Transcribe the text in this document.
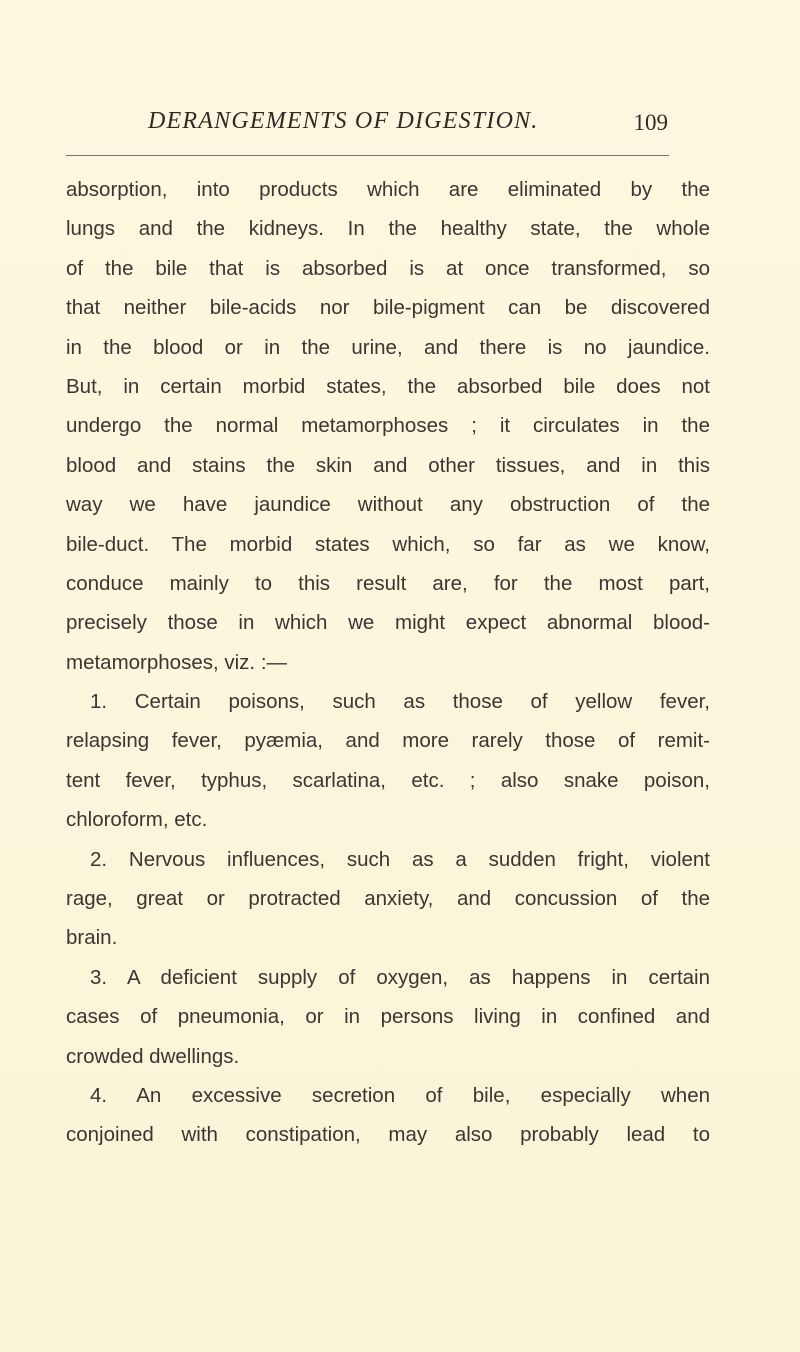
DERANGEMENTS OF DIGESTION.	109
absorption, into products which are eliminated by the
lungs and the kidneys. In the healthy state, the whole
of the bile that is absorbed is at once transformed, so
that neither bile-acids nor bile-pigment can be discovered
in the blood or in the urine, and there is no jaundice.
But, in certain morbid states, the absorbed bile does not
undergo the normal metamorphoses ; it circulates in the
blood and stains the skin and other tissues, and in this
way we have jaundice without any obstruction of the
bile-duct. The morbid states which, so far as we know,
conduce mainly to this result are, for the most part,
precisely those in which we might expect abnormal blood-
metamorphoses, viz. :—
1. Certain poisons, such as those of yellow fever,
relapsing fever, pyæmia, and more rarely those of remit-
tent fever, typhus, scarlatina, etc. ; also snake poison,
chloroform, etc.
2. Nervous influences, such as a sudden fright, violent
rage, great or protracted anxiety, and concussion of the
brain.
3. A deficient supply of oxygen, as happens in certain
cases of pneumonia, or in persons living in confined and
crowded dwellings.
4. An excessive secretion of bile, especially when
conjoined with constipation, may also probably lead to
